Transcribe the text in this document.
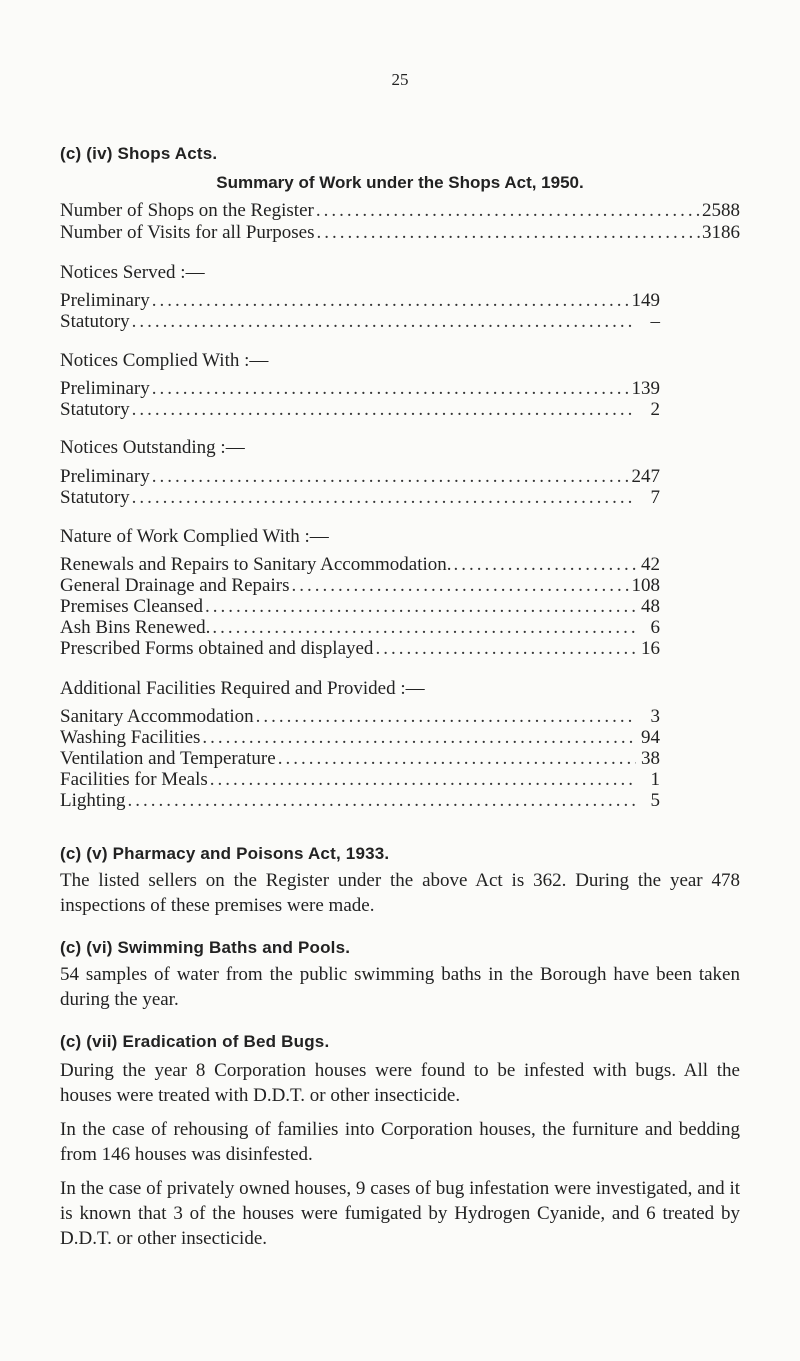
25
(c) (iv) Shops Acts.
Summary of Work under the Shops Act, 1950.
Number of Shops on the Register .....	2588
Number of Visits for all Purposes .....	3186
Notices Served :—
Preliminary .....	149
Statutory .....	–
Notices Complied With :—
Preliminary .....	139
Statutory .....	2
Notices Outstanding :—
Preliminary .....	247
Statutory .....	7
Nature of Work Complied With :—
Renewals and Repairs to Sanitary Accommodation. .....	42
General Drainage and Repairs .....	108
Premises Cleansed .....	48
Ash Bins Renewed. .....	6
Prescribed Forms obtained and displayed .....	16
Additional Facilities Required and Provided :—
Sanitary Accommodation .....	3
Washing Facilities .....	94
Ventilation and Temperature .....	38
Facilities for Meals .....	1
Lighting .....	5
(c) (v) Pharmacy and Poisons Act, 1933.
The listed sellers on the Register under the above Act is 362. During the year 478 inspections of these premises were made.
(c) (vi) Swimming Baths and Pools.
54 samples of water from the public swimming baths in the Borough have been taken during the year.
(c) (vii) Eradication of Bed Bugs.
During the year 8 Corporation houses were found to be infested with bugs. All the houses were treated with D.D.T. or other insecticide.
In the case of rehousing of families into Corporation houses, the furniture and bedding from 146 houses was disinfested.
In the case of privately owned houses, 9 cases of bug infestation were investigated, and it is known that 3 of the houses were fumigated by Hydrogen Cyanide, and 6 treated by D.D.T. or other insecticide.
